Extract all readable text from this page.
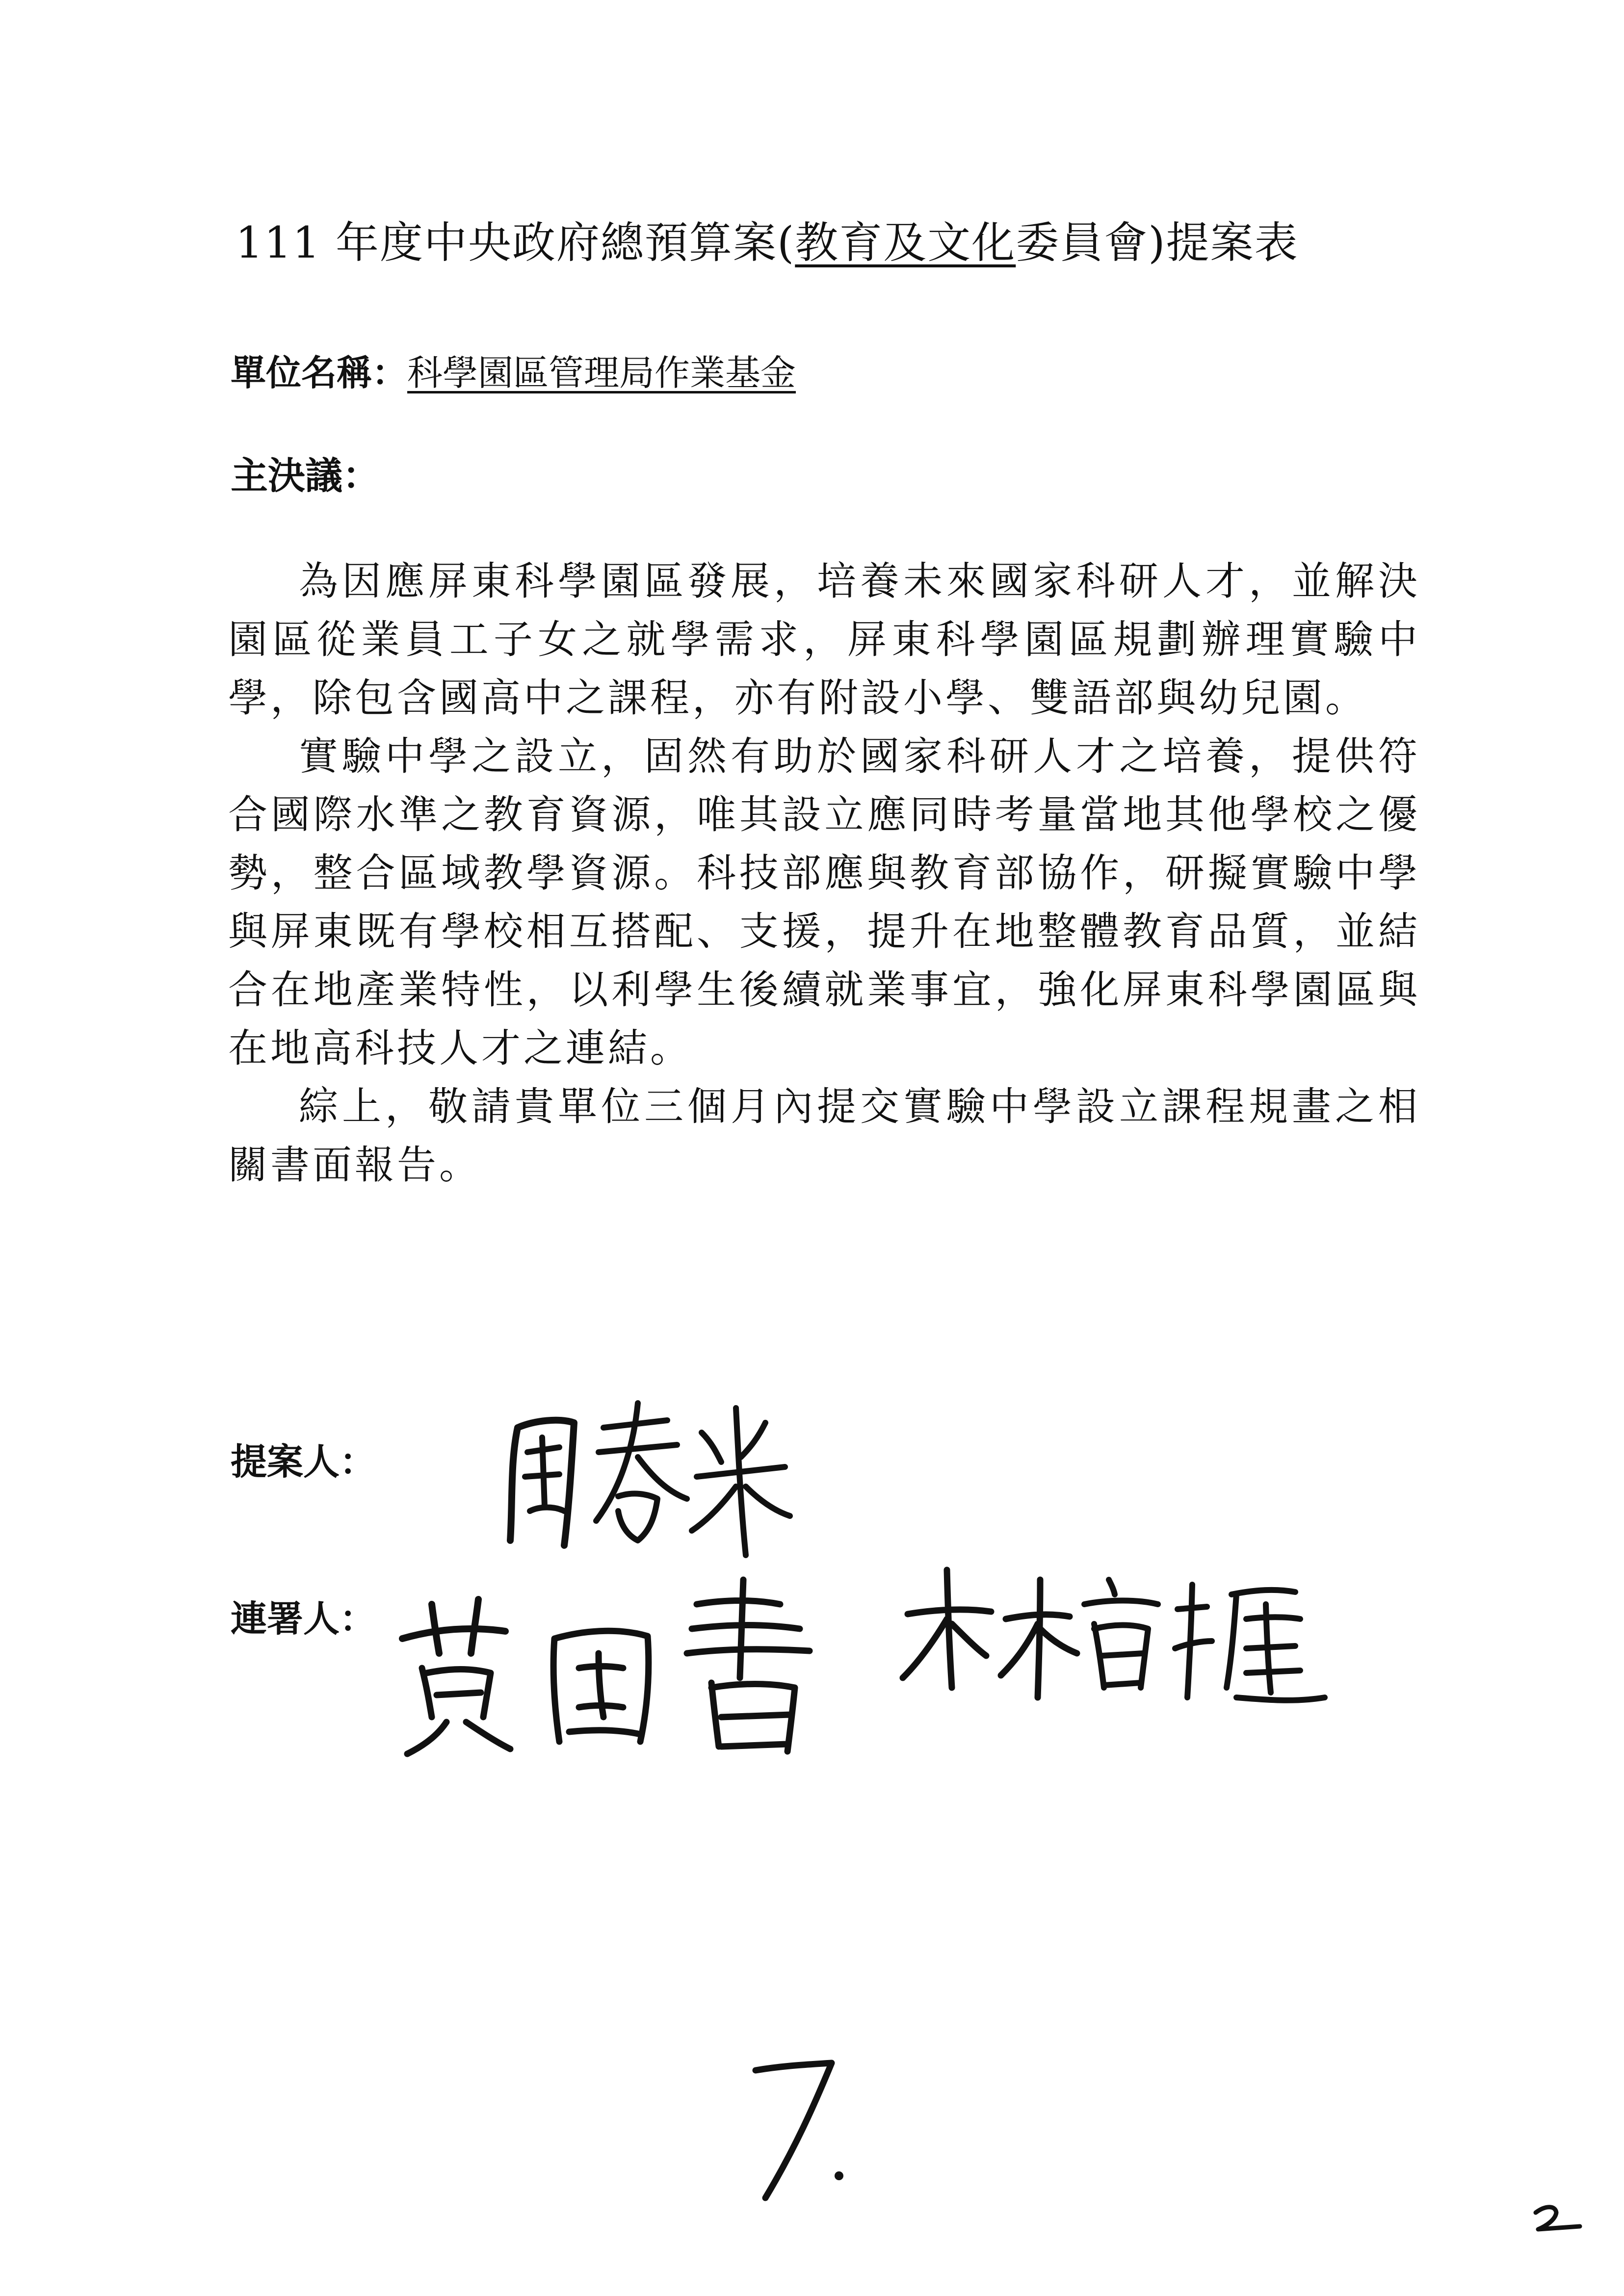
111 年度中央政府總預算案(教育及文化委員會)提案表
單位名稱：科學園區管理局作業基金
主決議：

為因應屏東科學園區發展，培養未來國家科研人才，並解決園區從業員工子女之就學需求，屏東科學園區規劃辦理實驗中學，除包含國高中之課程，亦有附設小學、雙語部與幼兒園。

實驗中學之設立，固然有助於國家科研人才之培養，提供符合國際水準之教育資源，唯其設立應同時考量當地其他學校之優勢，整合區域教學資源。科技部應與教育部協作，研擬實驗中學與屏東既有學校相互搭配、支援，提升在地整體教育品質，並結合在地產業特性，以利學生後續就業事宜，強化屏東科學園區與在地高科技人才之連結。

綜上，敬請貴單位三個月內提交實驗中學設立課程規畫之相關書面報告。

提案人：
連署人：
